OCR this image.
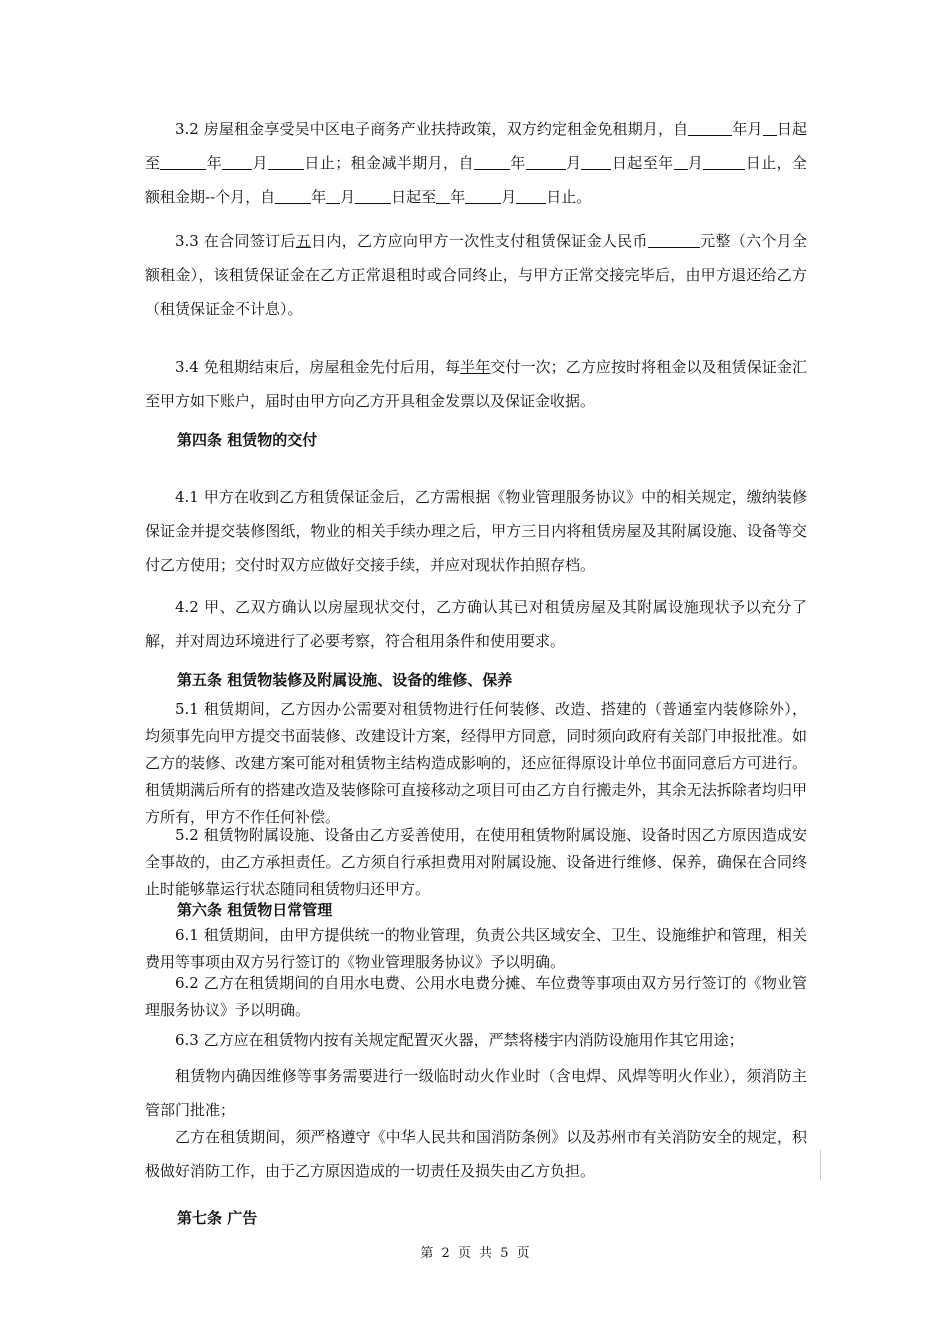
3.2 房屋租金享受吴中区电子商务产业扶持政策，双方约定租金免租期月，自	年月 日起至	年 月 日止；租金减半期月，自 年	月 日起至年 月	日止，全额租金期--个月，自 年 月 日起至 年 月 日止。

3.3 在合同签订后五日内，乙方应向甲方一次性支付租赁保证金人民币	元整（六个月全额租金），该租赁保证金在乙方正常退租时或合同终止，与甲方正常交接完毕后，由甲方退还给乙方（租赁保证金不计息）。

3.4 免租期结束后，房屋租金先付后用，每半年交付一次；乙方应按时将租金以及租赁保证金汇至甲方如下账户，届时由甲方向乙方开具租金发票以及保证金收据。

第四条 租赁物的交付

4.1 甲方在收到乙方租赁保证金后，乙方需根据《物业管理服务协议》中的相关规定，缴纳装修保证金并提交装修图纸，物业的相关手续办理之后，甲方三日内将租赁房屋及其附属设施、设备等交付乙方使用；交付时双方应做好交接手续，并应对现状作拍照存档。

4.2 甲、乙双方确认以房屋现状交付，乙方确认其已对租赁房屋及其附属设施现状予以充分了解，并对周边环境进行了必要考察，符合租用条件和使用要求。

第五条 租赁物装修及附属设施、设备的维修、保养

5.1 租赁期间，乙方因办公需要对租赁物进行任何装修、改造、搭建的（普通室内装修除外），均须事先向甲方提交书面装修、改建设计方案，经得甲方同意，同时须向政府有关部门申报批准。如乙方的装修、改建方案可能对租赁物主结构造成影响的，还应征得原设计单位书面同意后方可进行。租赁期满后所有的搭建改造及装修除可直接移动之项目可由乙方自行搬走外，其余无法拆除者均归甲方所有，甲方不作任何补偿。

5.2 租赁物附属设施、设备由乙方妥善使用，在使用租赁物附属设施、设备时因乙方原因造成安全事故的，由乙方承担责任。乙方须自行承担费用对附属设施、设备进行维修、保养，确保在合同终止时能够靠运行状态随同租赁物归还甲方。

第六条 租赁物日常管理

6.1 租赁期间，由甲方提供统一的物业管理，负责公共区域安全、卫生、设施维护和管理，相关费用等事项由双方另行签订的《物业管理服务协议》予以明确。

6.2 乙方在租赁期间的自用水电费、公用水电费分摊、车位费等事项由双方另行签订的《物业管理服务协议》予以明确。

6.3 乙方应在租赁物内按有关规定配置灭火器，严禁将楼宇内消防设施用作其它用途；

租赁物内确因维修等事务需要进行一级临时动火作业时（含电焊、风焊等明火作业），须消防主管部门批准；

乙方在租赁期间，须严格遵守《中华人民共和国消防条例》以及苏州市有关消防安全的规定，积极做好消防工作，由于乙方原因造成的一切责任及损失由乙方负担。

第七条 广告
第 2 页 共 5 页
